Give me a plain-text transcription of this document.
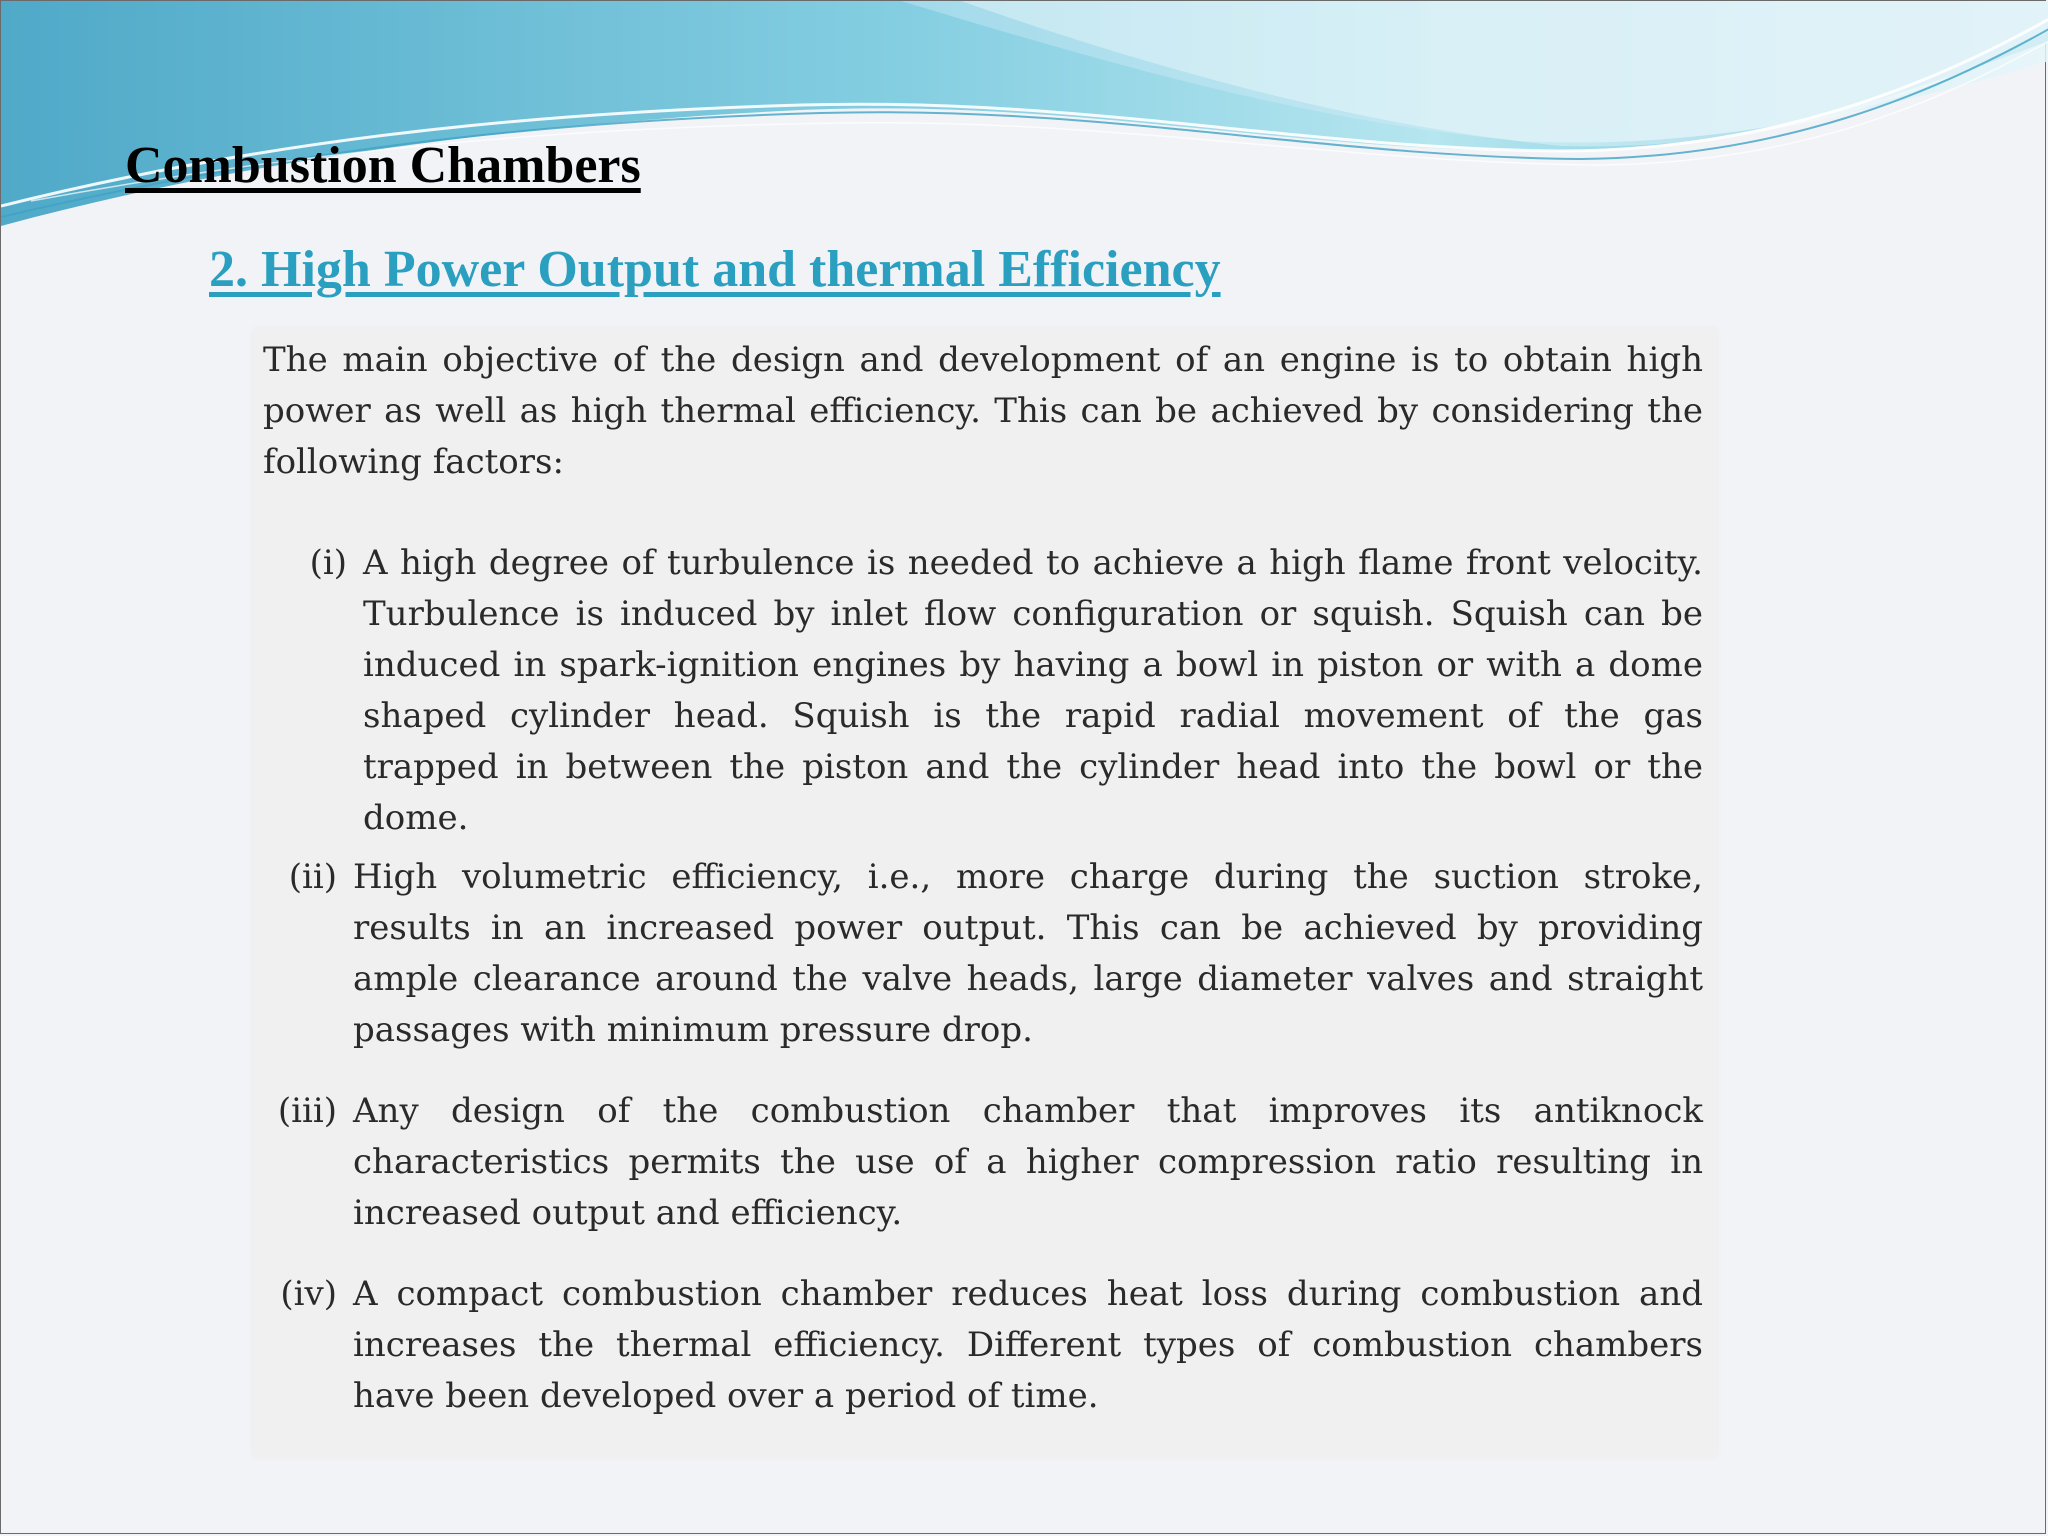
Combustion Chambers
2. High Power Output and thermal Efficiency

The main objective of the design and development of an engine is to obtain high power as well as high thermal efficiency. This can be achieved by considering the following factors:

(i) A high degree of turbulence is needed to achieve a high flame front velocity. Turbulence is induced by inlet flow configuration or squish. Squish can be induced in spark-ignition engines by having a bowl in piston or with a dome shaped cylinder head. Squish is the rapid radial movement of the gas trapped in between the piston and the cylinder head into the bowl or the dome.

(ii) High volumetric efficiency, i.e., more charge during the suction stroke, results in an increased power output. This can be achieved by providing ample clearance around the valve heads, large diameter valves and straight passages with minimum pressure drop.

(iii) Any design of the combustion chamber that improves its antiknock characteristics permits the use of a higher compression ratio resulting in increased output and efficiency.

(iv) A compact combustion chamber reduces heat loss during combustion and increases the thermal efficiency. Different types of combustion chambers have been developed over a period of time.
